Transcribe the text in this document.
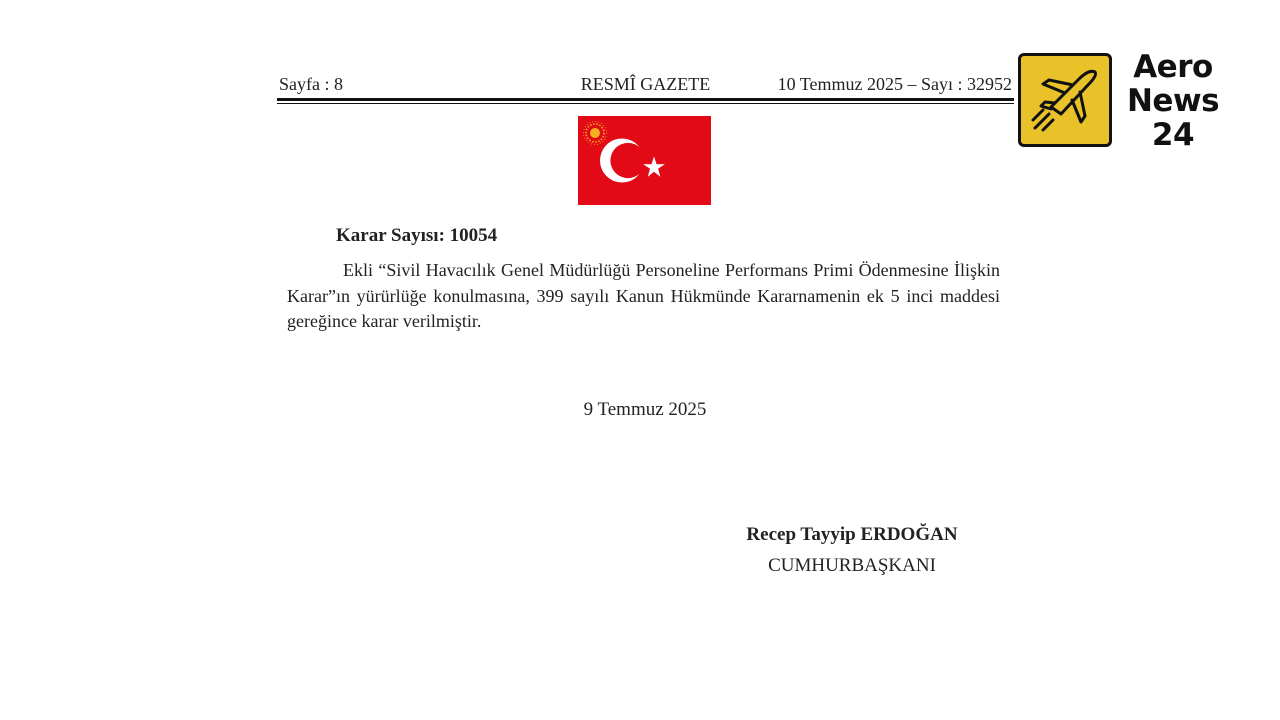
Sayfa : 8	RESMÎ GAZETE	10 Temmuz 2025 – Sayı : 32952
Karar Sayısı: 10054

Ekli “Sivil Havacılık Genel Müdürlüğü Personeline Performans Primi Ödenmesine İlişkin Karar”ın yürürlüğe konulmasına, 399 sayılı Kanun Hükmünde Kararnamenin ek 5 inci maddesi gereğince karar verilmiştir.

9 Temmuz 2025
Recep Tayyip ERDOĞAN
CUMHURBAŞKANI
Aero
News
24
